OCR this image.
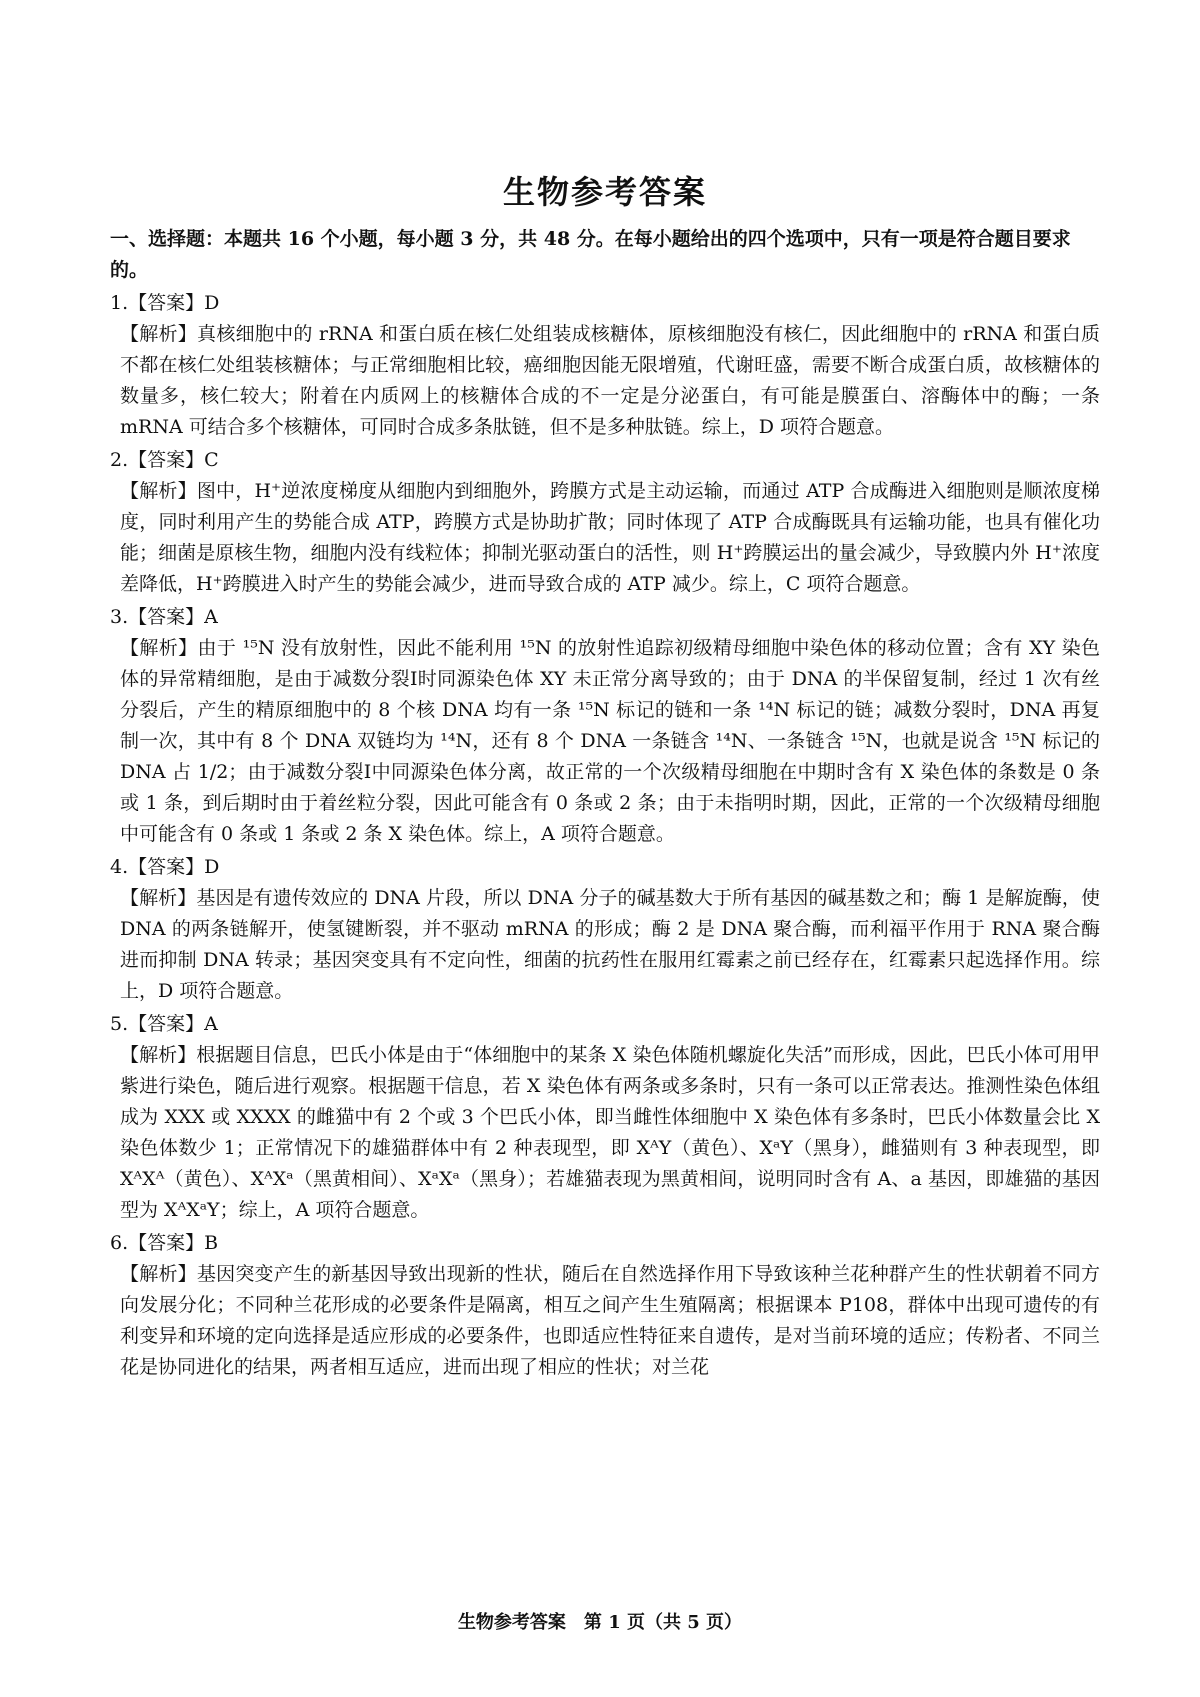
生物参考答案

一、选择题：本题共 16 个小题，每小题 3 分，共 48 分。在每小题给出的四个选项中，只有一项是符合题目要求的。

1.【答案】D

【解析】真核细胞中的 rRNA 和蛋白质在核仁处组装成核糖体，原核细胞没有核仁，因此细胞中的 rRNA 和蛋白质不都在核仁处组装核糖体；与正常细胞相比较，癌细胞因能无限增殖，代谢旺盛，需要不断合成蛋白质，故核糖体的数量多，核仁较大；附着在内质网上的核糖体合成的不一定是分泌蛋白，有可能是膜蛋白、溶酶体中的酶；一条 mRNA 可结合多个核糖体，可同时合成多条肽链，但不是多种肽链。综上，D 项符合题意。

2.【答案】C

【解析】图中，H⁺逆浓度梯度从细胞内到细胞外，跨膜方式是主动运输，而通过 ATP 合成酶进入细胞则是顺浓度梯度，同时利用产生的势能合成 ATP，跨膜方式是协助扩散；同时体现了 ATP 合成酶既具有运输功能，也具有催化功能；细菌是原核生物，细胞内没有线粒体；抑制光驱动蛋白的活性，则 H⁺跨膜运出的量会减少，导致膜内外 H⁺浓度差降低，H⁺跨膜进入时产生的势能会减少，进而导致合成的 ATP 减少。综上，C 项符合题意。

3.【答案】A

【解析】由于 ¹⁵N 没有放射性，因此不能利用 ¹⁵N 的放射性追踪初级精母细胞中染色体的移动位置；含有 XY 染色体的异常精细胞，是由于减数分裂Ⅰ时同源染色体 XY 未正常分离导致的；由于 DNA 的半保留复制，经过 1 次有丝分裂后，产生的精原细胞中的 8 个核 DNA 均有一条 ¹⁵N 标记的链和一条 ¹⁴N 标记的链；减数分裂时，DNA 再复制一次，其中有 8 个 DNA 双链均为 ¹⁴N，还有 8 个 DNA 一条链含 ¹⁴N、一条链含 ¹⁵N，也就是说含 ¹⁵N 标记的 DNA 占 1/2；由于减数分裂Ⅰ中同源染色体分离，故正常的一个次级精母细胞在中期时含有 X 染色体的条数是 0 条或 1 条，到后期时由于着丝粒分裂，因此可能含有 0 条或 2 条；由于未指明时期，因此，正常的一个次级精母细胞中可能含有 0 条或 1 条或 2 条 X 染色体。综上，A 项符合题意。

4.【答案】D

【解析】基因是有遗传效应的 DNA 片段，所以 DNA 分子的碱基数大于所有基因的碱基数之和；酶 1 是解旋酶，使 DNA 的两条链解开，使氢键断裂，并不驱动 mRNA 的形成；酶 2 是 DNA 聚合酶，而利福平作用于 RNA 聚合酶进而抑制 DNA 转录；基因突变具有不定向性，细菌的抗药性在服用红霉素之前已经存在，红霉素只起选择作用。综上，D 项符合题意。

5.【答案】A

【解析】根据题目信息，巴氏小体是由于“体细胞中的某条 X 染色体随机螺旋化失活”而形成，因此，巴氏小体可用甲紫进行染色，随后进行观察。根据题干信息，若 X 染色体有两条或多条时，只有一条可以正常表达。推测性染色体组成为 XXX 或 XXXX 的雌猫中有 2 个或 3 个巴氏小体，即当雌性体细胞中 X 染色体有多条时，巴氏小体数量会比 X 染色体数少 1；正常情况下的雄猫群体中有 2 种表现型，即 XᴬY（黄色）、XᵃY（黑身），雌猫则有 3 种表现型，即 XᴬXᴬ（黄色）、XᴬXᵃ（黑黄相间）、XᵃXᵃ（黑身）；若雄猫表现为黑黄相间，说明同时含有 A、a 基因，即雄猫的基因型为 XᴬXᵃY；综上，A 项符合题意。

6.【答案】B

【解析】基因突变产生的新基因导致出现新的性状，随后在自然选择作用下导致该种兰花种群产生的性状朝着不同方向发展分化；不同种兰花形成的必要条件是隔离，相互之间产生生殖隔离；根据课本 P108，群体中出现可遗传的有利变异和环境的定向选择是适应形成的必要条件，也即适应性特征来自遗传，是对当前环境的适应；传粉者、不同兰花是协同进化的结果，两者相互适应，进而出现了相应的性状；对兰花

生物参考答案　第 1 页（共 5 页）
